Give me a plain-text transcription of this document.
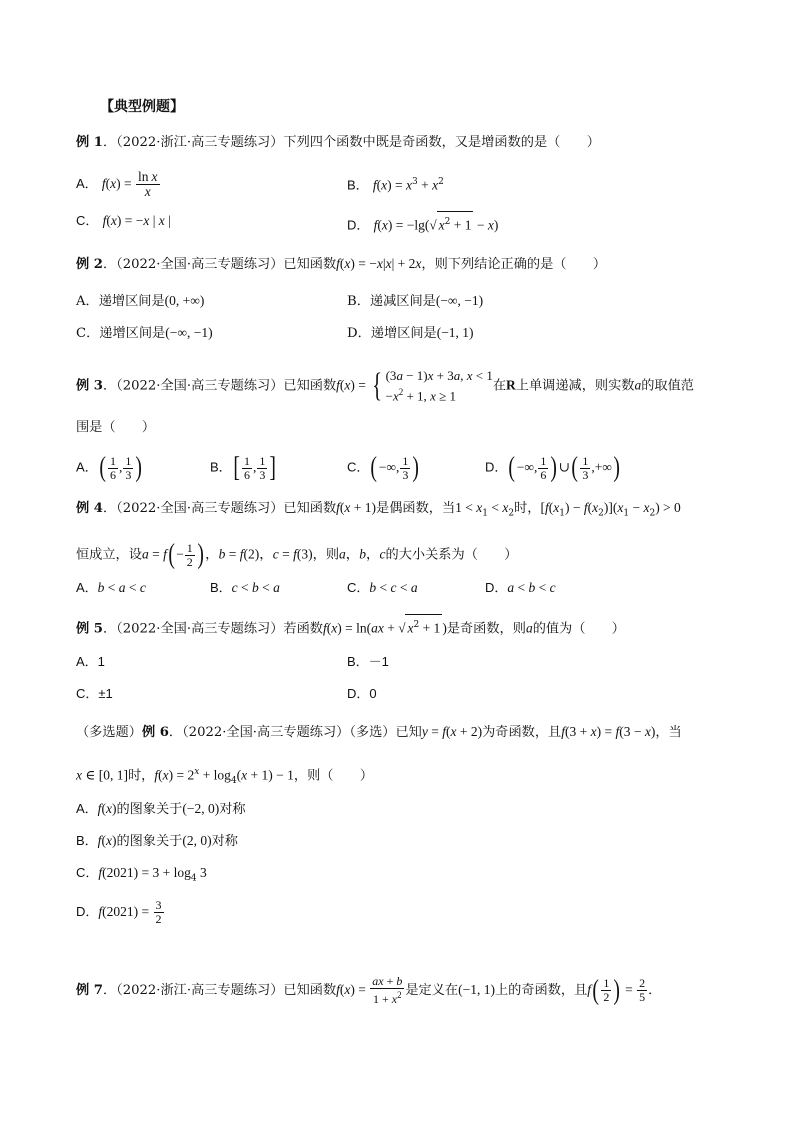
【典型例题】
例 1．（2022·浙江·高三专题练习）下列四个函数中既是奇函数，又是增函数的是（　　）
A． $f(x) = \frac{\text{ln x}}{x}$	B． $f(x) = x^3 + x^2$
C． f(x) = −x | x |	D． f(x) = −lg(√ $x^2 + 1 - x$)
例 2．（2022·全国·高三专题练习）已知函数f(x) = −x|x| + 2x，则下列结论正确的是（　　）
A．递增区间是(0, +∞)	B．递减区间是(−∞, −1)
C．递增区间是(−∞, −1)	D．递增区间是(−1, 1)
例 3．（2022·全国·高三专题练习）已知函数f(x) = { (3a − 1)x + 3a, x < 1
$-x^2 + 1$, x ≥ 1
在R上单调递减，则实数a的取值范
围是（　　）
A．( $\frac{1}{6}$ , $\frac{1}{3}$ )	B．[ $\frac{1}{6}$ , $\frac{1}{3}$ ]	C．(−∞, $\frac{1}{3}$ )	D．(−∞, $\frac{1}{6}$ )∪( $\frac{1}{3}$ ,+∞)
例 4．（2022·全国·高三专题练习）已知函数f(x + 1)是偶函数，当$1 < x_1 < x_2$时，$[f(x_1) - f(x_2)](x_1 - x_2) > 0$
恒成立，设$a = f(- \frac{1}{2}$ )，b = f(2)，c = f(3)，则a，b，c的大小关系为（　　）
A．b < a < c	B．c < b < a	C．b < c < a	D．a < b < c
例 5．（2022·全国·高三专题练习）若函数f(x) = ln(ax + √ $x^2 + 1$ )是奇函数，则a的值为（　　）
A．1	B．－1
C．±1	D．0
（多选题）例 6．（2022·全国·高三专题练习）（多选）已知y = f(x + 2)为奇函数，且f(3 + x) = f(3 − x)，当
x ∈ [0, 1]时，$f(x) = 2^x + \log_4(x + 1) - 1$，则（　　）
A．f(x)的图象关于(−2, 0)对称
B．f(x)的图象关于(2, 0)对称
C．$f(2021) = 3 + \log_4 3$
D．$f(2021) = \frac{3}{2}$
例 7．（2022·浙江·高三专题练习）已知函数$f(x) = \frac{ax + b}{1 + x^2}$ 是定义在(−1, 1)上的奇函数，且$f( \frac{1}{2}$ ) = $\frac{2}{5}$ ．
